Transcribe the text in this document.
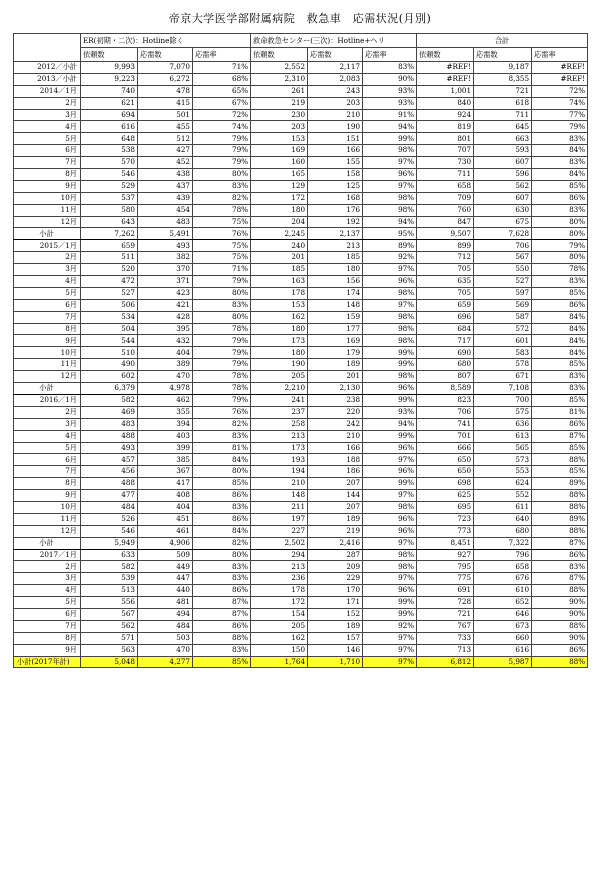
帝京大学医学部附属病院　救急車　応需状況(月別)
	ER(初期・二次)：Hotline除く			救命救急センター(三次)：Hotline+ヘリ			合計		
	依頼数	応需数	応需率	依頼数	応需数	応需率	依頼数	応需数	応需率
2012／小計	9,993	7,070	71%	2,552	2,117	83%	#REF!	9,187	#REF!
2013／小計	9,223	6,272	68%	2,310	2,083	90%	#REF!	8,355	#REF!
2014／1月	740	478	65%	261	243	93%	1,001	721	72%
2月	621	415	67%	219	203	93%	840	618	74%
3月	694	501	72%	230	210	91%	924	711	77%
4月	616	455	74%	203	190	94%	819	645	79%
5月	648	512	79%	153	151	99%	801	663	83%
6月	538	427	79%	169	166	98%	707	593	84%
7月	570	452	79%	160	155	97%	730	607	83%
8月	546	438	80%	165	158	96%	711	596	84%
9月	529	437	83%	129	125	97%	658	562	85%
10月	537	439	82%	172	168	98%	709	607	86%
11月	580	454	78%	180	176	98%	760	630	83%
12月	643	483	75%	204	192	94%	847	675	80%
小計	7,262	5,491	76%	2,245	2,137	95%	9,507	7,628	80%
2015／1月	659	493	75%	240	213	89%	899	706	79%
2月	511	382	75%	201	185	92%	712	567	80%
3月	520	370	71%	185	180	97%	705	550	78%
4月	472	371	79%	163	156	96%	635	527	83%
5月	527	423	80%	178	174	98%	705	597	85%
6月	506	421	83%	153	148	97%	659	569	86%
7月	534	428	80%	162	159	98%	696	587	84%
8月	504	395	78%	180	177	98%	684	572	84%
9月	544	432	79%	173	169	98%	717	601	84%
10月	510	404	79%	180	179	99%	690	583	84%
11月	490	389	79%	190	189	99%	680	578	85%
12月	602	470	78%	205	201	98%	807	671	83%
小計	6,379	4,978	78%	2,210	2,130	96%	8,589	7,108	83%
2016／1月	582	462	79%	241	238	99%	823	700	85%
2月	469	355	76%	237	220	93%	706	575	81%
3月	483	394	82%	258	242	94%	741	636	86%
4月	488	403	83%	213	210	99%	701	613	87%
5月	493	399	81%	173	166	96%	666	565	85%
6月	457	385	84%	193	188	97%	650	573	88%
7月	456	367	80%	194	186	96%	650	553	85%
8月	488	417	85%	210	207	99%	698	624	89%
9月	477	408	86%	148	144	97%	625	552	88%
10月	484	404	83%	211	207	98%	695	611	88%
11月	526	451	86%	197	189	96%	723	640	89%
12月	546	461	84%	227	219	96%	773	680	88%
小計	5,949	4,906	82%	2,502	2,416	97%	8,451	7,322	87%
2017／1月	633	509	80%	294	287	98%	927	796	86%
2月	582	449	83%	213	209	98%	795	658	83%
3月	539	447	83%	236	229	97%	775	676	87%
4月	513	440	86%	178	170	96%	691	610	88%
5月	556	481	87%	172	171	99%	728	652	90%
6月	567	494	87%	154	152	99%	721	646	90%
7月	562	484	86%	205	189	92%	767	673	88%
8月	571	503	88%	162	157	97%	733	660	90%
9月	563	470	83%	150	146	97%	713	616	86%
小計(2017年計)	5,048	4,277	85%	1,764	1,710	97%	6,812	5,987	88%
